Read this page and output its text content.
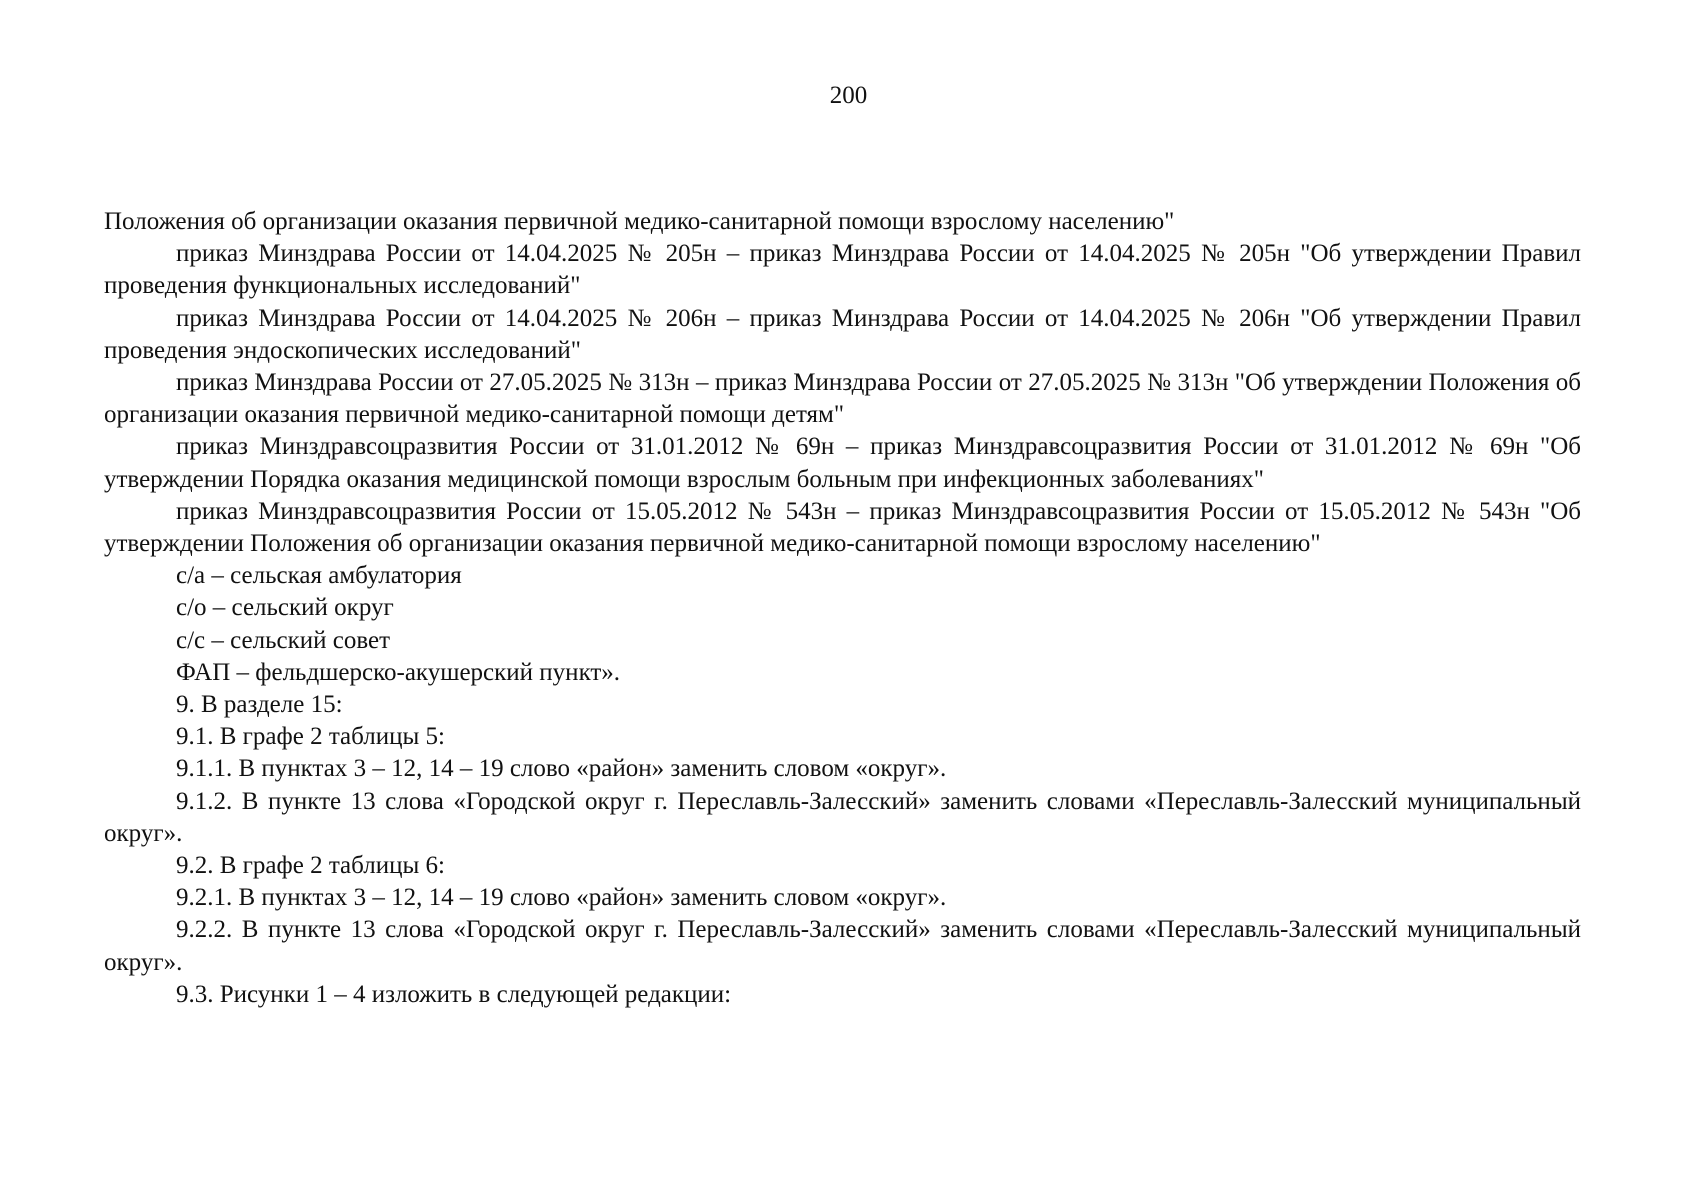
200

Положения об организации оказания первичной медико-санитарной помощи взрослому населению"

приказ Минздрава России от 14.04.2025 № 205н – приказ Минздрава России от 14.04.2025 № 205н "Об утверждении Правил проведения функциональных исследований"

приказ Минздрава России от 14.04.2025 № 206н – приказ Минздрава России от 14.04.2025 № 206н "Об утверждении Правил проведения эндоскопических исследований"

приказ Минздрава России от 27.05.2025 № 313н – приказ Минздрава России от 27.05.2025 № 313н "Об утверждении Положения об организации оказания первичной медико-санитарной помощи детям"

приказ Минздравсоцразвития России от 31.01.2012 № 69н – приказ Минздравсоцразвития России от 31.01.2012 № 69н "Об утверждении Порядка оказания медицинской помощи взрослым больным при инфекционных заболеваниях"

приказ Минздравсоцразвития России от 15.05.2012 № 543н – приказ Минздравсоцразвития России от 15.05.2012 № 543н "Об утверждении Положения об организации оказания первичной медико-санитарной помощи взрослому населению"

с/а – сельская амбулатория

с/о – сельский округ

с/с – сельский совет

ФАП – фельдшерско-акушерский пункт».

9. В разделе 15:

9.1. В графе 2 таблицы 5:

9.1.1. В пунктах 3 – 12, 14 – 19 слово «район» заменить словом «округ».

9.1.2. В пункте 13 слова «Городской округ г. Переславль-Залесский» заменить словами «Переславль-Залесский муниципальный округ».

9.2. В графе 2 таблицы 6:

9.2.1. В пунктах 3 – 12, 14 – 19 слово «район» заменить словом «округ».

9.2.2. В пункте 13 слова «Городской округ г. Переславль-Залесский» заменить словами «Переславль-Залесский муниципальный округ».

9.3. Рисунки 1 – 4 изложить в следующей редакции:
